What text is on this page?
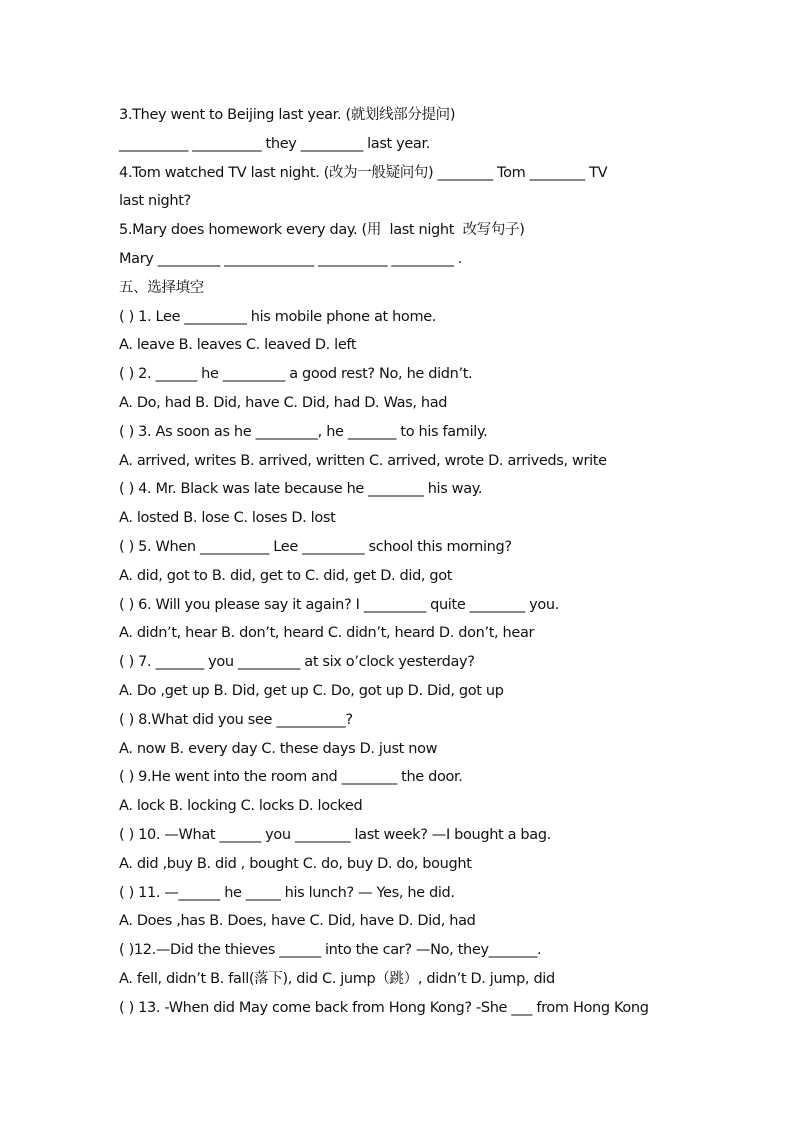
3.They went to Beijing last year. (就划线部分提问)
__________ __________ they _________ last year.
4.Tom watched TV last night. (改为一般疑问句) ________ Tom ________ TV
last night?
5.Mary does homework every day. (用  last night  改写句子)
Mary _________ _____________ __________ _________ .
五、选择填空
( ) 1. Lee _________ his mobile phone at home.
A. leave B. leaves C. leaved D. left
( ) 2. ______ he _________ a good rest? No, he didn’t.
A. Do, had B. Did, have C. Did, had D. Was, had
( ) 3. As soon as he _________, he _______ to his family.
A. arrived, writes B. arrived, written C. arrived, wrote D. arriveds, write
( ) 4. Mr. Black was late because he ________ his way.
A. losted B. lose C. loses D. lost
( ) 5. When __________ Lee _________ school this morning?
A. did, got to B. did, get to C. did, get D. did, got
( ) 6. Will you please say it again? I _________ quite ________ you.
A. didn’t, hear B. don’t, heard C. didn’t, heard D. don’t, hear
( ) 7. _______ you _________ at six o’clock yesterday?
A. Do ,get up B. Did, get up C. Do, got up D. Did, got up
( ) 8.What did you see __________?
A. now B. every day C. these days D. just now
( ) 9.He went into the room and ________ the door.
A. lock B. locking C. locks D. locked
( ) 10. —What ______ you ________ last week? —I bought a bag.
A. did ,buy B. did , bought C. do, buy D. do, bought
( ) 11. —______ he _____ his lunch? — Yes, he did.
A. Does ,has B. Does, have C. Did, have D. Did, had
( )12.—Did the thieves ______ into the car? —No, they_______.
A. fell, didn’t B. fall(落下), did C. jump（跳）, didn’t D. jump, did
( ) 13. -When did May come back from Hong Kong? -She ___ from Hong Kong
